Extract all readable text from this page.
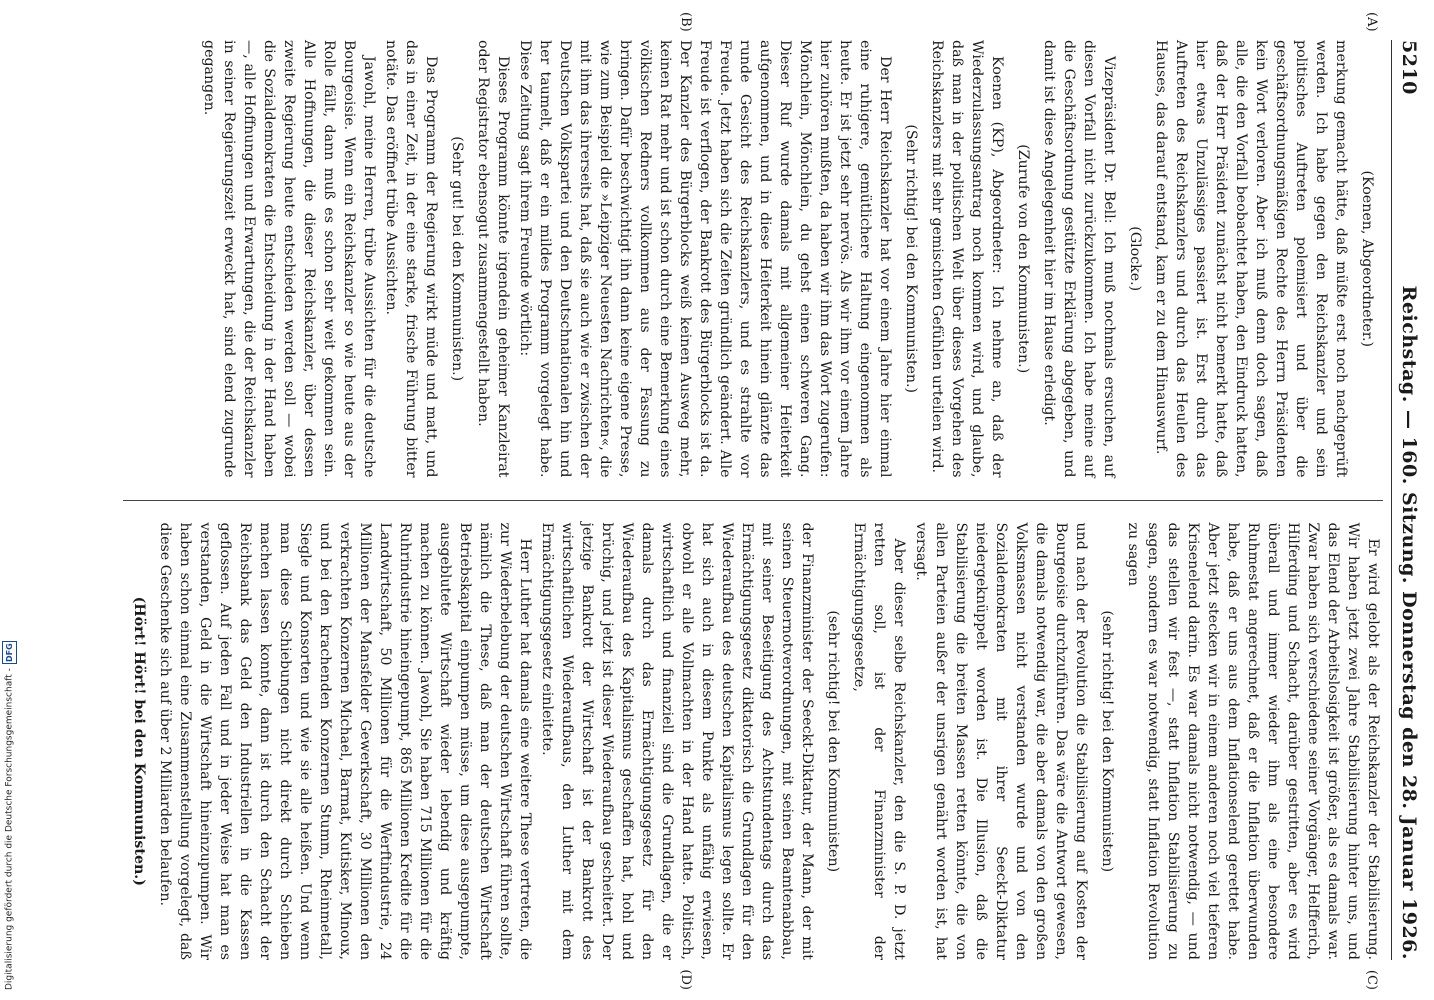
5210
Reichstag. — 160. Sitzung. Donnerstag den 28. Januar 1926.
(A)
(B)
(C)
(D)

(Koenen, Abgeordneter.)

merkung gemacht hätte, daß müßte erst noch nachgeprüft werden. Ich habe gegen den Reichskanzler und sein politisches Auftreten polemisiert und über die geschäftsordnungsmäßigen Rechte des Herrn Präsidenten kein Wort verloren. Aber ich muß denn doch sagen, daß alle, die den Vorfall beobachtet haben, den Eindruck hatten, daß der Herr Präsident zunächst nicht bemerkt hatte, daß hier etwas Unzulässiges passiert ist. Erst durch das Auftreten des Reichskanzlers und durch das Heulen des Hauses, das darauf entstand, kam er zu dem Hinauswurf.

(Glocke.)

Vizepräsident Dr. Bell: Ich muß nochmals ersuchen, auf diesen Vorfall nicht zurückzukommen. Ich habe meine auf die Geschäftsordnung gestützte Erklärung abgegeben, und damit ist diese Angelegenheit hier im Hause erledigt.

(Zurufe von den Kommunisten.)

Koenen (KP), Abgeordneter: Ich nehme an, daß der Wiederzulassungsantrag noch kommen wird, und glaube, daß man in der politischen Welt über dieses Vorgehen des Reichskanzlers mit sehr gemischten Gefühlen urteilen wird.

(Sehr richtig! bei den Kommunisten.)

Der Herr Reichskanzler hat vor einem Jahre hier einmal eine ruhigere, gemütlichere Haltung eingenommen als heute. Er ist jetzt sehr nervös. Als wir ihm vor einem Jahre hier zuhören mußten, da haben wir ihm das Wort zugerufen: Mönchlein, Mönchlein, du gehst einen schweren Gang. Dieser Ruf wurde damals mit allgemeiner Heiterkeit aufgenommen, und in diese Heiterkeit hinein glänzte das runde Gesicht des Reichskanzlers, und es strahlte vor Freude. Jetzt haben sich die Zeiten gründlich geändert. Alle Freude ist verflogen, der Bankrott des Bürgerblocks ist da. Der Kanzler des Bürgerblocks weiß keinen Ausweg mehr, keinen Rat mehr und ist schon durch eine Bemerkung eines völkischen Redners vollkommen aus der Fassung zu bringen. Dafür beschwichtigt ihn dann keine eigene Presse, wie zum Beispiel die »Leipziger Neuesten Nachrichten«, die mit ihm das ihrerseits hat, daß sie auch wie er zwischen der Deutschen Volkspartei und den Deutschnationalen hin und her taumelt, daß er ein mildes Programm vorgelegt habe. Diese Zeitung sagt ihrem Freunde wörtlich:

Dieses Programm könnte irgendein geheimer Kanzleirat oder Registrator ebensogut zusammengestellt haben.

(Sehr gut! bei den Kommunisten.)

Das Programm der Regierung wirkt müde und matt, und das in einer Zeit, in der eine starke, frische Führung bitter notäte. Das eröffnet trübe Aussichten.

Jawohl, meine Herren, trübe Aussichten für die deutsche Bourgeoisie. Wenn ein Reichskanzler so wie heute aus der Rolle fällt, dann muß es schon sehr weit gekommen sein. Alle Hoffnungen, die dieser Reichskanzler, über dessen zweite Regierung heute entschieden werden soll — wobei die Sozialdemokraten die Entscheidung in der Hand haben —, alle Hoffnungen und Erwartungen, die der Reichskanzler in seiner Regierungszeit erweckt hat, sind elend zugrunde gegangen.

Er wird gelobt als der Reichskanzler der Stabilisierung. Wir haben jetzt zwei Jahre Stabilisierung hinter uns, und das Elend der Arbeitslosigkeit ist größer, als es damals war. Zwar haben sich verschiedene seiner Vorgänger, Helfferich, Hilferding und Schacht, darüber gestritten, aber es wird überall und immer wieder ihm als eine besondere Ruhmestat angerechnet, daß er die Inflation überwunden habe, daß er uns aus dem Inflationselend gerettet habe. Aber jetzt stecken wir in einem anderen noch viel tieferen Krisenelend darin. Es war damals nicht notwendig, — und das stellen wir fest —, statt Inflation Stabilisierung zu sagen, sondern es war notwendig, statt Inflation Revolution zu sagen

(sehr richtig! bei den Kommunisten)

und nach der Revolution die Stabilisierung auf Kosten der Bourgeoisie durchzuführen. Das wäre die Antwort gewesen, die damals notwendig war, die aber damals von den großen Volksmassen nicht verstanden wurde und von den Sozialdemokraten mit ihrer Seeckt-Diktatur niedergeknüppelt worden ist. Die Illusion, daß die Stabilisierung die breiten Massen retten könnte, die von allen Parteien außer der unsrigen genährt worden ist, hat versagt.

Aber dieser selbe Reichskanzler, den die S. P. D. jetzt retten soll, ist der Finanzminister der Ermächtigungsgesetze,

(sehr richtig! bei den Kommunisten)

der Finanzminister der Seeckt-Diktatur, der Mann, der mit seinen Steuernotverordnungen, mit seinen Beamtenabbau, mit seiner Beseitigung des Achtstundentags durch das Ermächtigungsgesetz diktatorisch die Grundlagen für den Wiederaufbau des deutschen Kapitalismus legen sollte. Er hat sich auch in diesem Punkte als unfähig erwiesen, obwohl er alle Vollmachten in der Hand hatte. Politisch, wirtschaftlich und finanziell sind die Grundlagen, die er damals durch das Ermächtigungsgesetz für den Wiederaufbau des Kapitalismus geschaffen hat, hohl und brüchig, und jetzt ist dieser Wiederaufbau gescheitert. Der jetzige Bankrott der Wirtschaft ist der Bankrott des wirtschaftlichen Wiederaufbaus, den Luther mit dem Ermächtigungsgesetz einleitete.

Herr Luther hat damals eine weitere These vertreten, die zur Wiederbelebung der deutschen Wirtschaft führen sollte, nämlich die These, daß man der deutschen Wirtschaft Betriebskapital einpumpen müsse, um diese ausgepumpte, ausgeblutete Wirtschaft wieder lebendig und kräftig machen zu können. Jawohl, Sie haben 715 Millionen für die Ruhrindustrie hineingepumpt, 865 Millionen Kredite für die Landwirtschaft, 50 Millionen für die Werftindustrie, 24 Millionen der Mansfelder Gewerkschaft, 30 Millionen den verkrachten Konzernen Michael, Barmat, Kutisker, Minoux, und bei den krachenden Konzernen Stumm, Rheinmetall, Siegle und Konsorten und wie sie alle heißen. Und wenn man diese Schiebungen nicht direkt durch Schieben machen lassen konnte, dann ist durch den Schacht der Reichsbank das Geld den Industriellen in die Kassen geflossen. Auf jeden Fall und in jeder Weise hat man es verstanden, Geld in die Wirtschaft hineinzupumpen. Wir haben schon einmal eine Zusammenstellung vorgelegt, daß diese Geschenke sich auf über 2 Milliarden belaufen.

(Hört! Hört! bei den Kommunisten.)

Digitalisierung gefördert durch die Deutsche Forschungsgemeinschaft -
DFG
